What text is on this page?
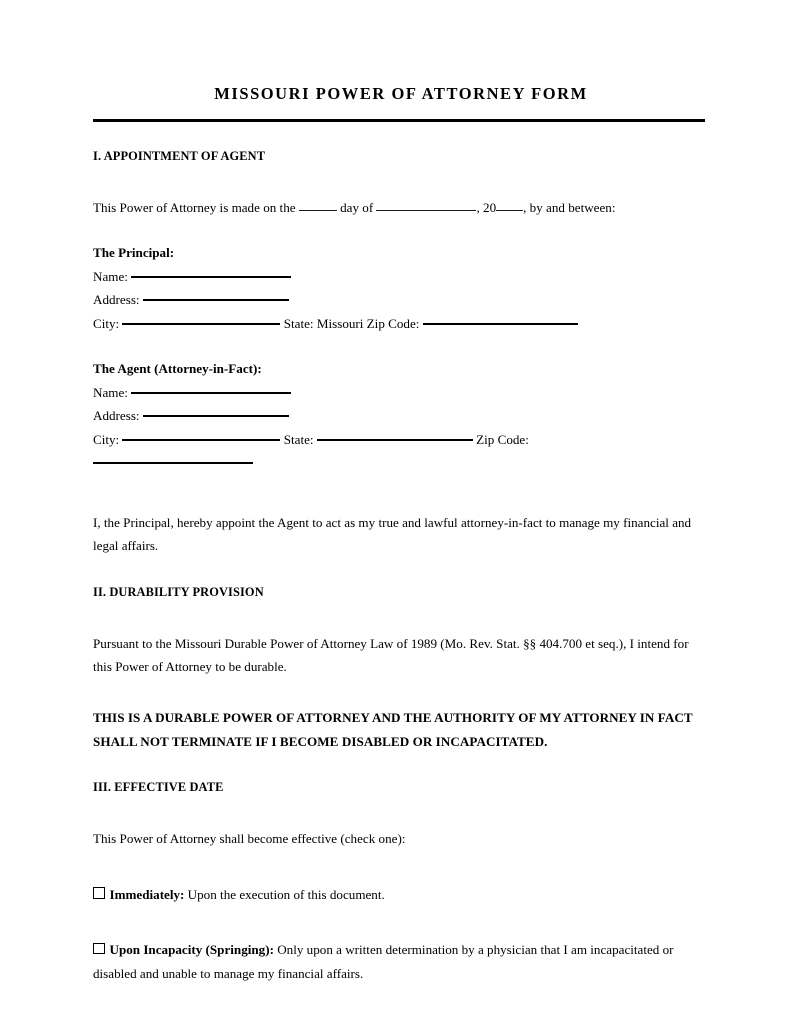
MISSOURI POWER OF ATTORNEY FORM
I. APPOINTMENT OF AGENT
This Power of Attorney is made on the	day of	, 20 , by and between:
The Principal:
Name:
Address:
City:	State: Missouri Zip Code:
The Agent (Attorney-in-Fact):
Name:
Address:
City:	State:	Zip Code:
I, the Principal, hereby appoint the Agent to act as my true and lawful attorney-in-fact to manage my financial and legal affairs.
II. DURABILITY PROVISION
Pursuant to the Missouri Durable Power of Attorney Law of 1989 (Mo. Rev. Stat. §§ 404.700 et seq.), I intend for this Power of Attorney to be durable.
THIS IS A DURABLE POWER OF ATTORNEY AND THE AUTHORITY OF MY ATTORNEY IN FACT SHALL NOT TERMINATE IF I BECOME DISABLED OR INCAPACITATED.
III. EFFECTIVE DATE
This Power of Attorney shall become effective (check one):
Immediately: Upon the execution of this document.
Upon Incapacity (Springing): Only upon a written determination by a physician that I am incapacitated or disabled and unable to manage my financial affairs.
